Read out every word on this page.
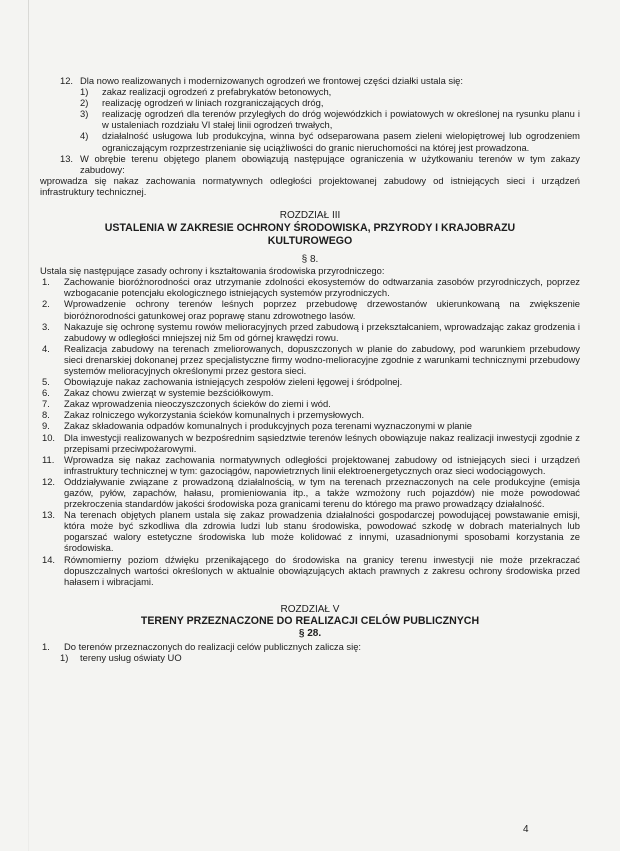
12. Dla nowo realizowanych i modernizowanych ogrodzeń we frontowej części działki ustala się:
1)	zakaz realizacji ogrodzeń z prefabrykatów betonowych,
2)	realizację ogrodzeń w liniach rozgraniczających dróg,
3)	realizację ogrodzeń dla terenów przyległych do dróg wojewódzkich i powiatowych w określonej na rysunku planu i w ustaleniach rozdziału VI stałej linii ogrodzeń trwałych,
4)	działalność usługowa lub produkcyjna, winna być odseparowana pasem zieleni wielopiętrowej lub ogrodzeniem ograniczającym rozprzestrzenianie się uciążliwości do granic nieruchomości na której jest prowadzona.
13. W obrębie terenu objętego planem obowiązują następujące ograniczenia w użytkowaniu terenów w tym zakazy zabudowy:

wprowadza się nakaz zachowania normatywnych odległości projektowanej zabudowy od istniejących sieci i urządzeń infrastruktury technicznej.

ROZDZIAŁ III
USTALENIA W ZAKRESIE OCHRONY ŚRODOWISKA, PRZYRODY I KRAJOBRAZU KULTUROWEGO
§ 8.

Ustala się następujące zasady ochrony i kształtowania środowiska przyrodniczego:

1.	Zachowanie bioróżnorodności oraz utrzymanie zdolności ekosystemów do odtwarzania zasobów przyrodniczych, poprzez wzbogacanie potencjału ekologicznego istniejących systemów przyrodniczych.
2.	Wprowadzenie ochrony terenów leśnych poprzez przebudowę drzewostanów ukierunkowaną na zwiększenie bioróżnorodności gatunkowej oraz poprawę stanu zdrowotnego lasów.
3.	Nakazuje się ochronę systemu rowów melioracyjnych przed zabudową i przekształcaniem, wprowadzając zakaz grodzenia i zabudowy w odległości mniejszej niż 5m od górnej krawędzi rowu.
4.	Realizacja zabudowy na terenach zmeliorowanych, dopuszczonych w planie do zabudowy, pod warunkiem przebudowy sieci drenarskiej dokonanej przez specjalistyczne firmy wodno-melioracyjne zgodnie z warunkami technicznymi przebudowy systemów melioracyjnych określonymi przez gestora sieci.
5.	Obowiązuje nakaz zachowania istniejących zespołów zieleni łęgowej i śródpolnej.
6.	Zakaz chowu zwierząt w systemie bezściółkowym.
7.	Zakaz wprowadzenia nieoczyszczonych ścieków do ziemi i wód.
8.	Zakaz rolniczego wykorzystania ścieków komunalnych i przemysłowych.
9.	Zakaz składowania odpadów komunalnych i produkcyjnych poza terenami wyznaczonymi w planie
10. Dla inwestycji realizowanych w bezpośrednim sąsiedztwie terenów leśnych obowiązuje nakaz realizacji inwestycji zgodnie z przepisami przeciwpożarowymi.
11.	Wprowadza się nakaz zachowania normatywnych odległości projektowanej zabudowy od istniejących sieci i urządzeń infrastruktury technicznej w tym: gazociągów, napowietrznych linii elektroenergetycznych oraz sieci wodociągowych.
12. Oddziaływanie związane z prowadzoną działalnością, w tym na terenach przeznaczonych na cele produkcyjne (emisja gazów, pyłów, zapachów, hałasu, promieniowania itp., a także wzmożony ruch pojazdów) nie może powodować przekroczenia standardów jakości środowiska poza granicami terenu do którego ma prawo prowadzący działalność.
13. Na terenach objętych planem ustala się zakaz prowadzenia działalności gospodarczej powodującej powstawanie emisji, która może być szkodliwa dla zdrowia ludzi lub stanu środowiska, powodować szkodę w dobrach materialnych lub pogarszać walory estetyczne środowiska lub może kolidować z innymi, uzasadnionymi sposobami korzystania ze środowiska.
14. Równomierny poziom dźwięku przenikającego do środowiska na granicy terenu inwestycji nie może przekraczać dopuszczalnych wartości określonych w aktualnie obowiązujących aktach prawnych z zakresu ochrony środowiska przed hałasem i wibracjami.
ROZDZIAŁ V
TERENY PRZEZNACZONE DO REALIZACJI CELÓW PUBLICZNYCH
§ 28.
1.	Do terenów przeznaczonych do realizacji celów publicznych zalicza się:
1)	tereny usług oświaty UO
4
